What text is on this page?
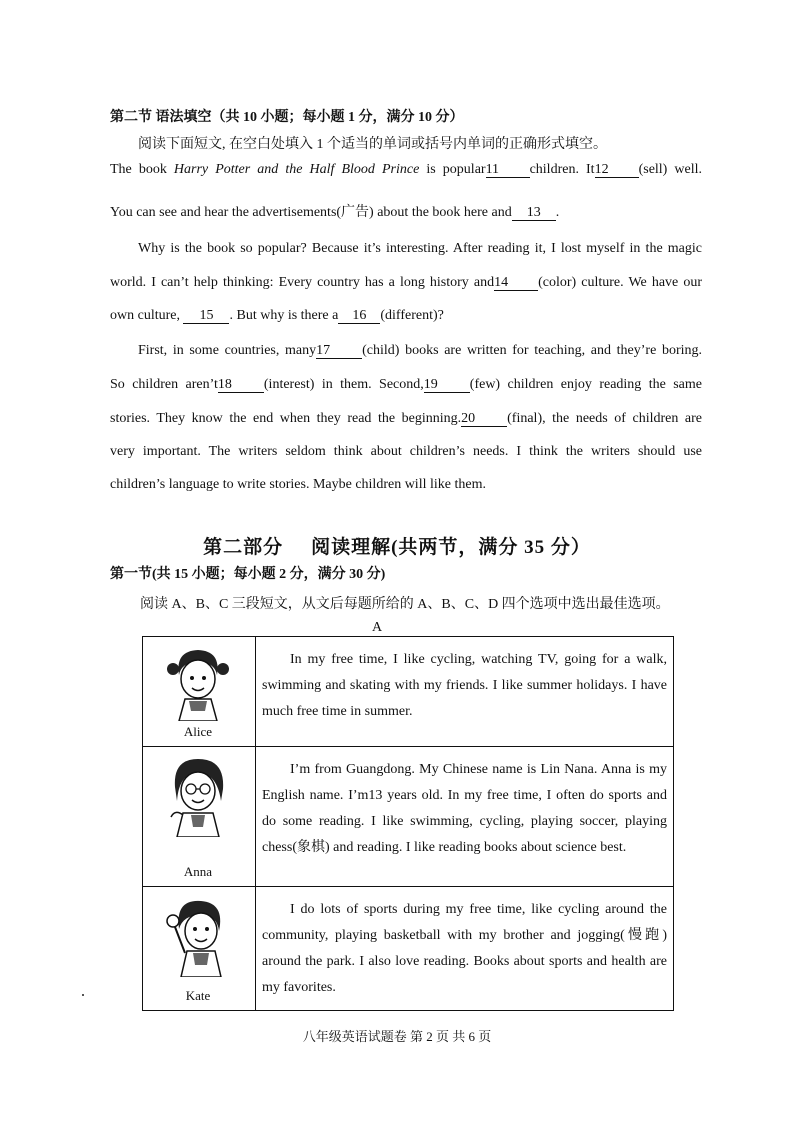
第二节 语法填空（共 10 小题；每小题 1 分，满分 10 分）
阅读下面短文, 在空白处填入 1 个适当的单词或括号内单词的正确形式填空。
The book Harry Potter and the Half Blood Prince is popular11 children. It12 (sell) well.
You can see and hear the advertisements(广告) about the book here and 13 .
Why is the book so popular? Because it’s interesting. After reading it, I lost myself in the magic
world. I can’t help thinking: Every country has a long history and14 (color) culture. We have our
own culture, 15 . But why is there a 16 (different)?
First, in some countries, many17 (child) books are written for teaching, and they’re boring.
So children aren’t18 (interest) in them. Second,19 (few) children enjoy reading the same
stories. They know the end when they read the beginning.20 (final), the needs of children are
very important. The writers seldom think about children’s needs. I think the writers should use
children’s language to write stories. Maybe children will like them.
第二部分 阅读理解(共两节，满分 35 分）
第一节(共 15 小题；每小题 2 分，满分 30 分)
阅读 A、B、C 三段短文，从文后每题所给的 A、B、C、D 四个选项中选出最佳选项。
A
Alice	In my free time, I like cycling, watching TV, going for a walk, swimming and skating with my friends. I like summer holidays. I have much free time in summer.

Anna	I’m from Guangdong. My Chinese name is Lin Nana. Anna is my English name. I’m13 years old. In my free time, I often do sports and do some reading. I like swimming, cycling, playing soccer, playing chess(象棋) and reading. I like reading books about science best.

Kate	I do lots of sports during my free time, like cycling around the community, playing basketball with my brother and jogging(慢跑) around the park. I also love reading. Books about sports and health are my favorites.
八年级英语试题卷 第 2 页 共 6 页
